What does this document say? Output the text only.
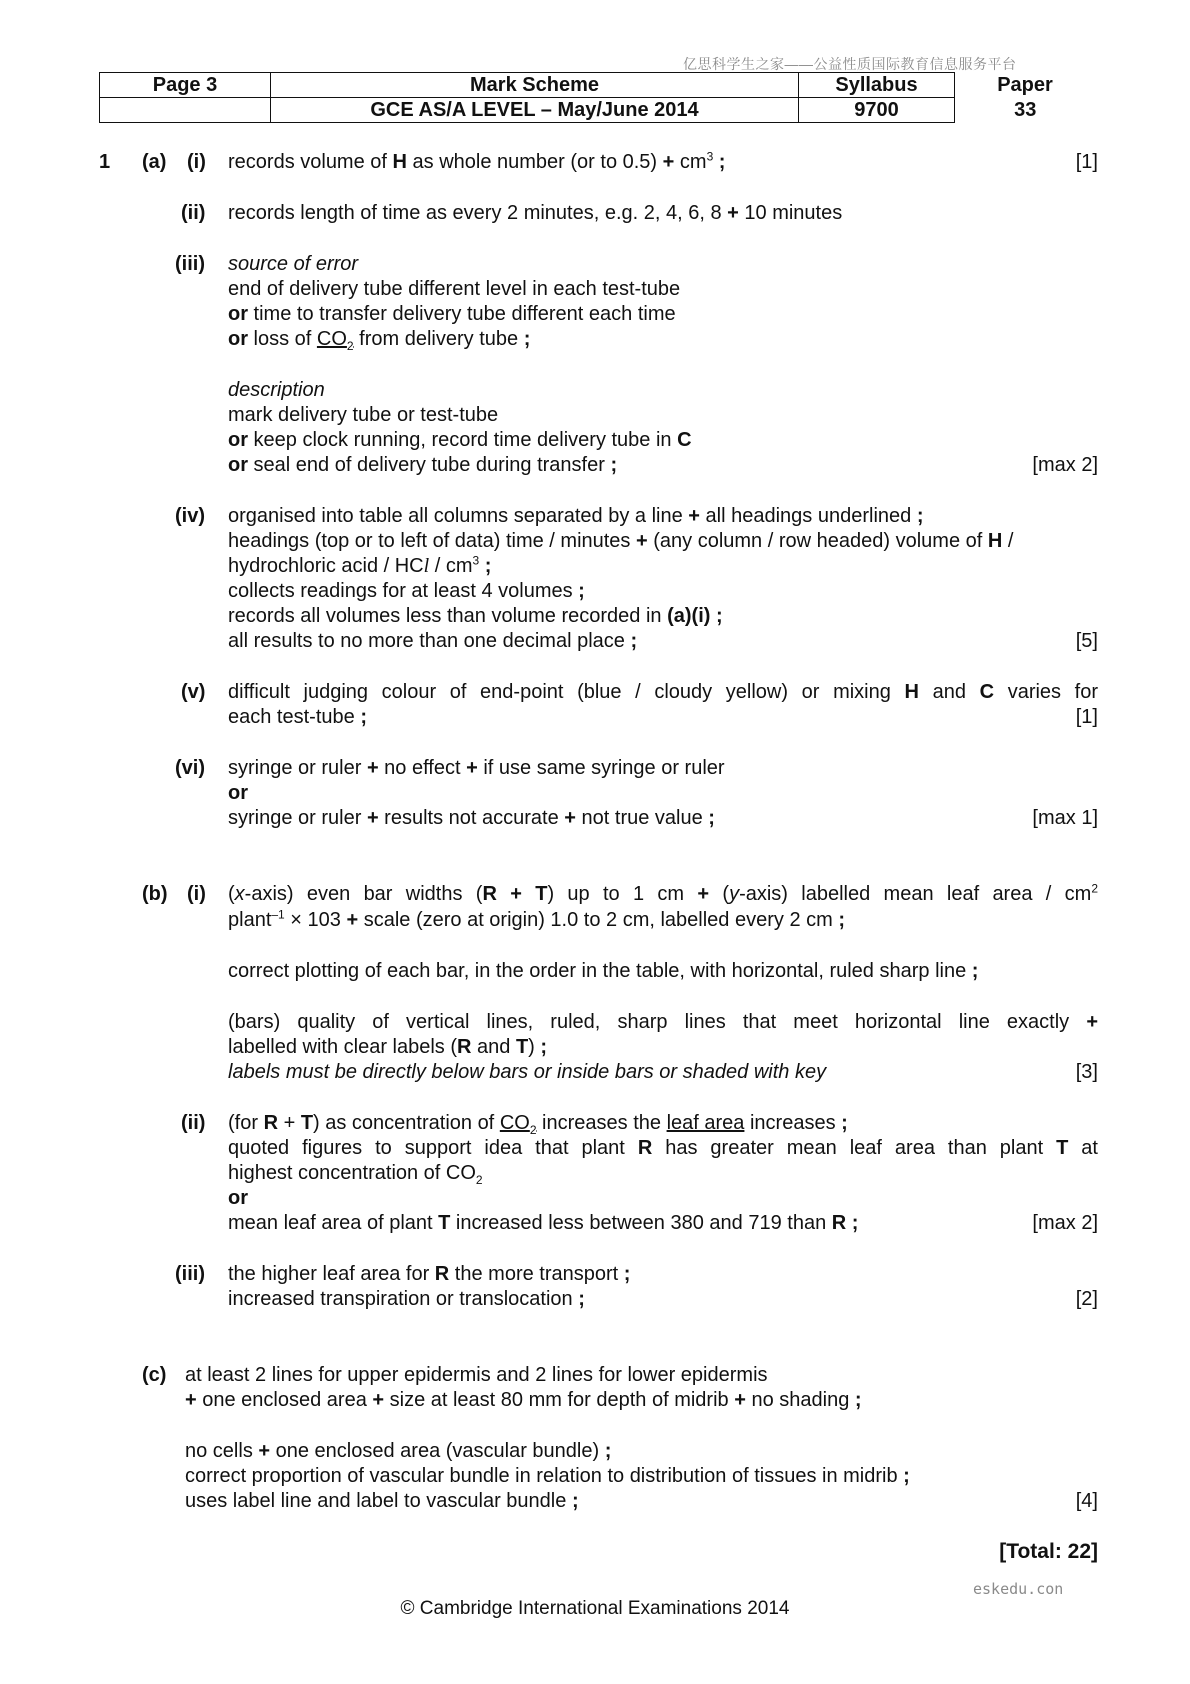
亿思科学生之家——公益性质国际教育信息服务平台
Page 3	Mark Scheme	Syllabus	Paper
	GCE AS/A LEVEL – May/June 2014	9700	33
1 (a) (i) records volume of H as whole number (or to $0.5) + cm^3$ ;	[1]
(ii) records length of time as every 2 minutes, e.g. 2, 4, 6, 8 + 10 minutes
(iii) source of error
end of delivery tube different level in each test-tube
or time to transfer delivery tube different each time
or loss of $CO_2$ from delivery tube ;
description
mark delivery tube or test-tube
or keep clock running, record time delivery tube in C
or seal end of delivery tube during transfer ;	[max 2]
(iv) organised into table all columns separated by a line + all headings underlined ;
headings (top or to left of data) time / minutes + (any column / row headed) volume of H /
hydrochloric acid / HCl / $cm^3$ ;
collects readings for at least 4 volumes ;
records all volumes less than volume recorded in (a)(i) ;
all results to no more than one decimal place ;	[5]
(v) difficult judging colour of end-point (blue / cloudy yellow) or mixing H and C varies for
each test-tube ;	[1]
(vi) syringe or ruler + no effect + if use same syringe or ruler
or
syringe or ruler + results not accurate + not true value ;	[max 1]
(b) (i) (x-axis) even bar widths (R + T) up to 1 cm + (y-axis) labelled mean leaf area / $cm^2$
plant$^{-1}$ × 103 + scale (zero at origin) 1.0 to 2 cm, labelled every 2 cm ;
correct plotting of each bar, in the order in the table, with horizontal, ruled sharp line ;
(bars) quality of vertical lines, ruled, sharp lines that meet horizontal line exactly +
labelled with clear labels (R and T) ;
labels must be directly below bars or inside bars or shaded with key	[3]
(ii) (for R + T) as concentration of $CO_2$ increases the leaf area increases ;
quoted figures to support idea that plant R has greater mean leaf area than plant T at
highest concentration of $CO_2$
or
mean leaf area of plant T increased less between 380 and 719 than R ;	[max 2]
(iii) the higher leaf area for R the more transport ;
increased transpiration or translocation ;	[2]
(c) at least 2 lines for upper epidermis and 2 lines for lower epidermis
+ one enclosed area + size at least 80 mm for depth of midrib + no shading ;
no cells + one enclosed area (vascular bundle) ;
correct proportion of vascular bundle in relation to distribution of tissues in midrib ;
uses label line and label to vascular bundle ;	[4]
[Total: 22]
eskedu.con
© Cambridge International Examinations 2014
